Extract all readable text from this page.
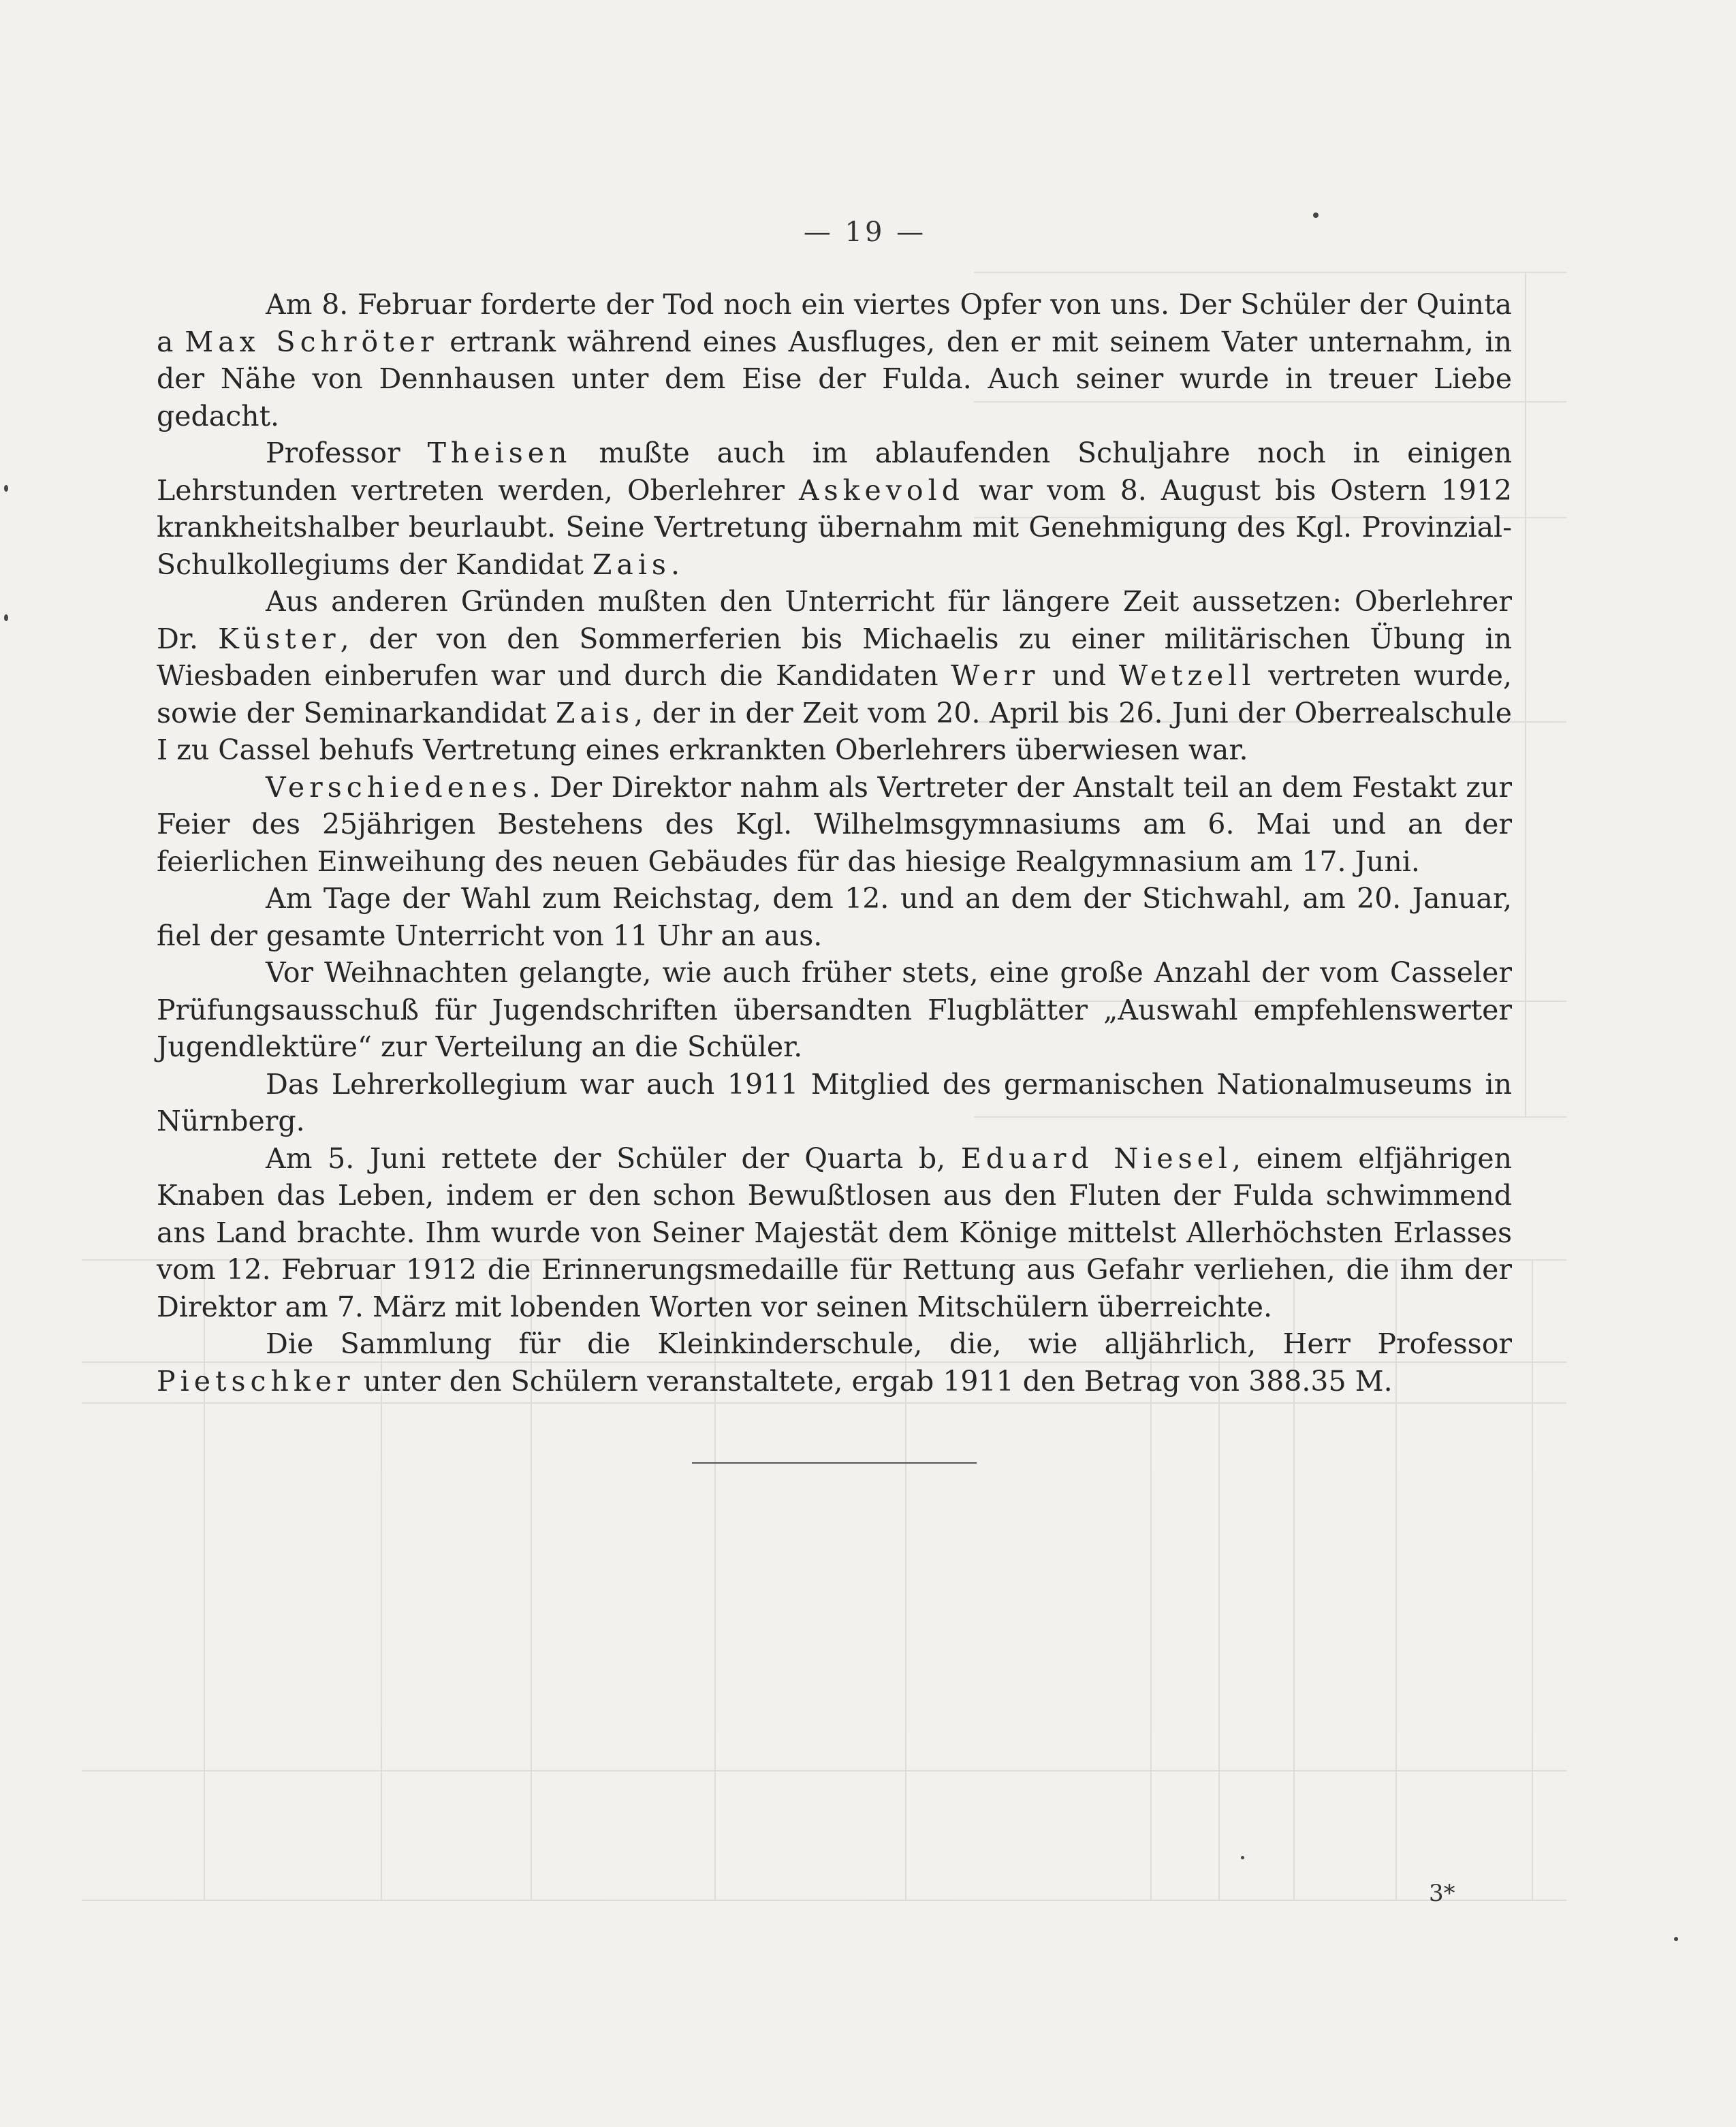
— 19 —

Am 8. Februar forderte der Tod noch ein viertes Opfer von uns. Der Schüler der Quinta a Max Schröter ertrank während eines Ausfluges, den er mit seinem Vater unternahm, in der Nähe von Dennhausen unter dem Eise der Fulda. Auch seiner wurde in treuer Liebe gedacht.

Professor Theisen mußte auch im ablaufenden Schuljahre noch in einigen Lehrstunden vertreten werden, Oberlehrer Askevold war vom 8. August bis Ostern 1912 krankheitshalber beurlaubt. Seine Vertretung übernahm mit Genehmigung des Kgl. Provinzial-Schulkollegiums der Kandidat Zais.

Aus anderen Gründen mußten den Unterricht für längere Zeit aussetzen: Oberlehrer Dr. Küster, der von den Sommerferien bis Michaelis zu einer militärischen Übung in Wiesbaden einberufen war und durch die Kandidaten Werr und Wetzell vertreten wurde, sowie der Seminarkandidat Zais, der in der Zeit vom 20. April bis 26. Juni der Oberrealschule I zu Cassel behufs Vertretung eines erkrankten Oberlehrers überwiesen war.

Verschiedenes. Der Direktor nahm als Vertreter der Anstalt teil an dem Festakt zur Feier des 25jährigen Bestehens des Kgl. Wilhelmsgymnasiums am 6. Mai und an der feierlichen Einweihung des neuen Gebäudes für das hiesige Realgymnasium am 17. Juni.

Am Tage der Wahl zum Reichstag, dem 12. und an dem der Stichwahl, am 20. Januar, fiel der gesamte Unterricht von 11 Uhr an aus.

Vor Weihnachten gelangte, wie auch früher stets, eine große Anzahl der vom Casseler Prüfungsausschuß für Jugendschriften übersandten Flugblätter „Auswahl empfehlenswerter Jugendlektüre“ zur Verteilung an die Schüler.

Das Lehrerkollegium war auch 1911 Mitglied des germanischen Nationalmuseums in Nürnberg.

Am 5. Juni rettete der Schüler der Quarta b, Eduard Niesel, einem elfjährigen Knaben das Leben, indem er den schon Bewußtlosen aus den Fluten der Fulda schwimmend ans Land brachte. Ihm wurde von Seiner Majestät dem Könige mittelst Allerhöchsten Erlasses vom 12. Februar 1912 die Erinnerungsmedaille für Rettung aus Gefahr verliehen, die ihm der Direktor am 7. März mit lobenden Worten vor seinen Mitschülern überreichte.

Die Sammlung für die Kleinkinderschule, die, wie alljährlich, Herr Professor Pietschker unter den Schülern veranstaltete, ergab 1911 den Betrag von 388.35 M.

3*
